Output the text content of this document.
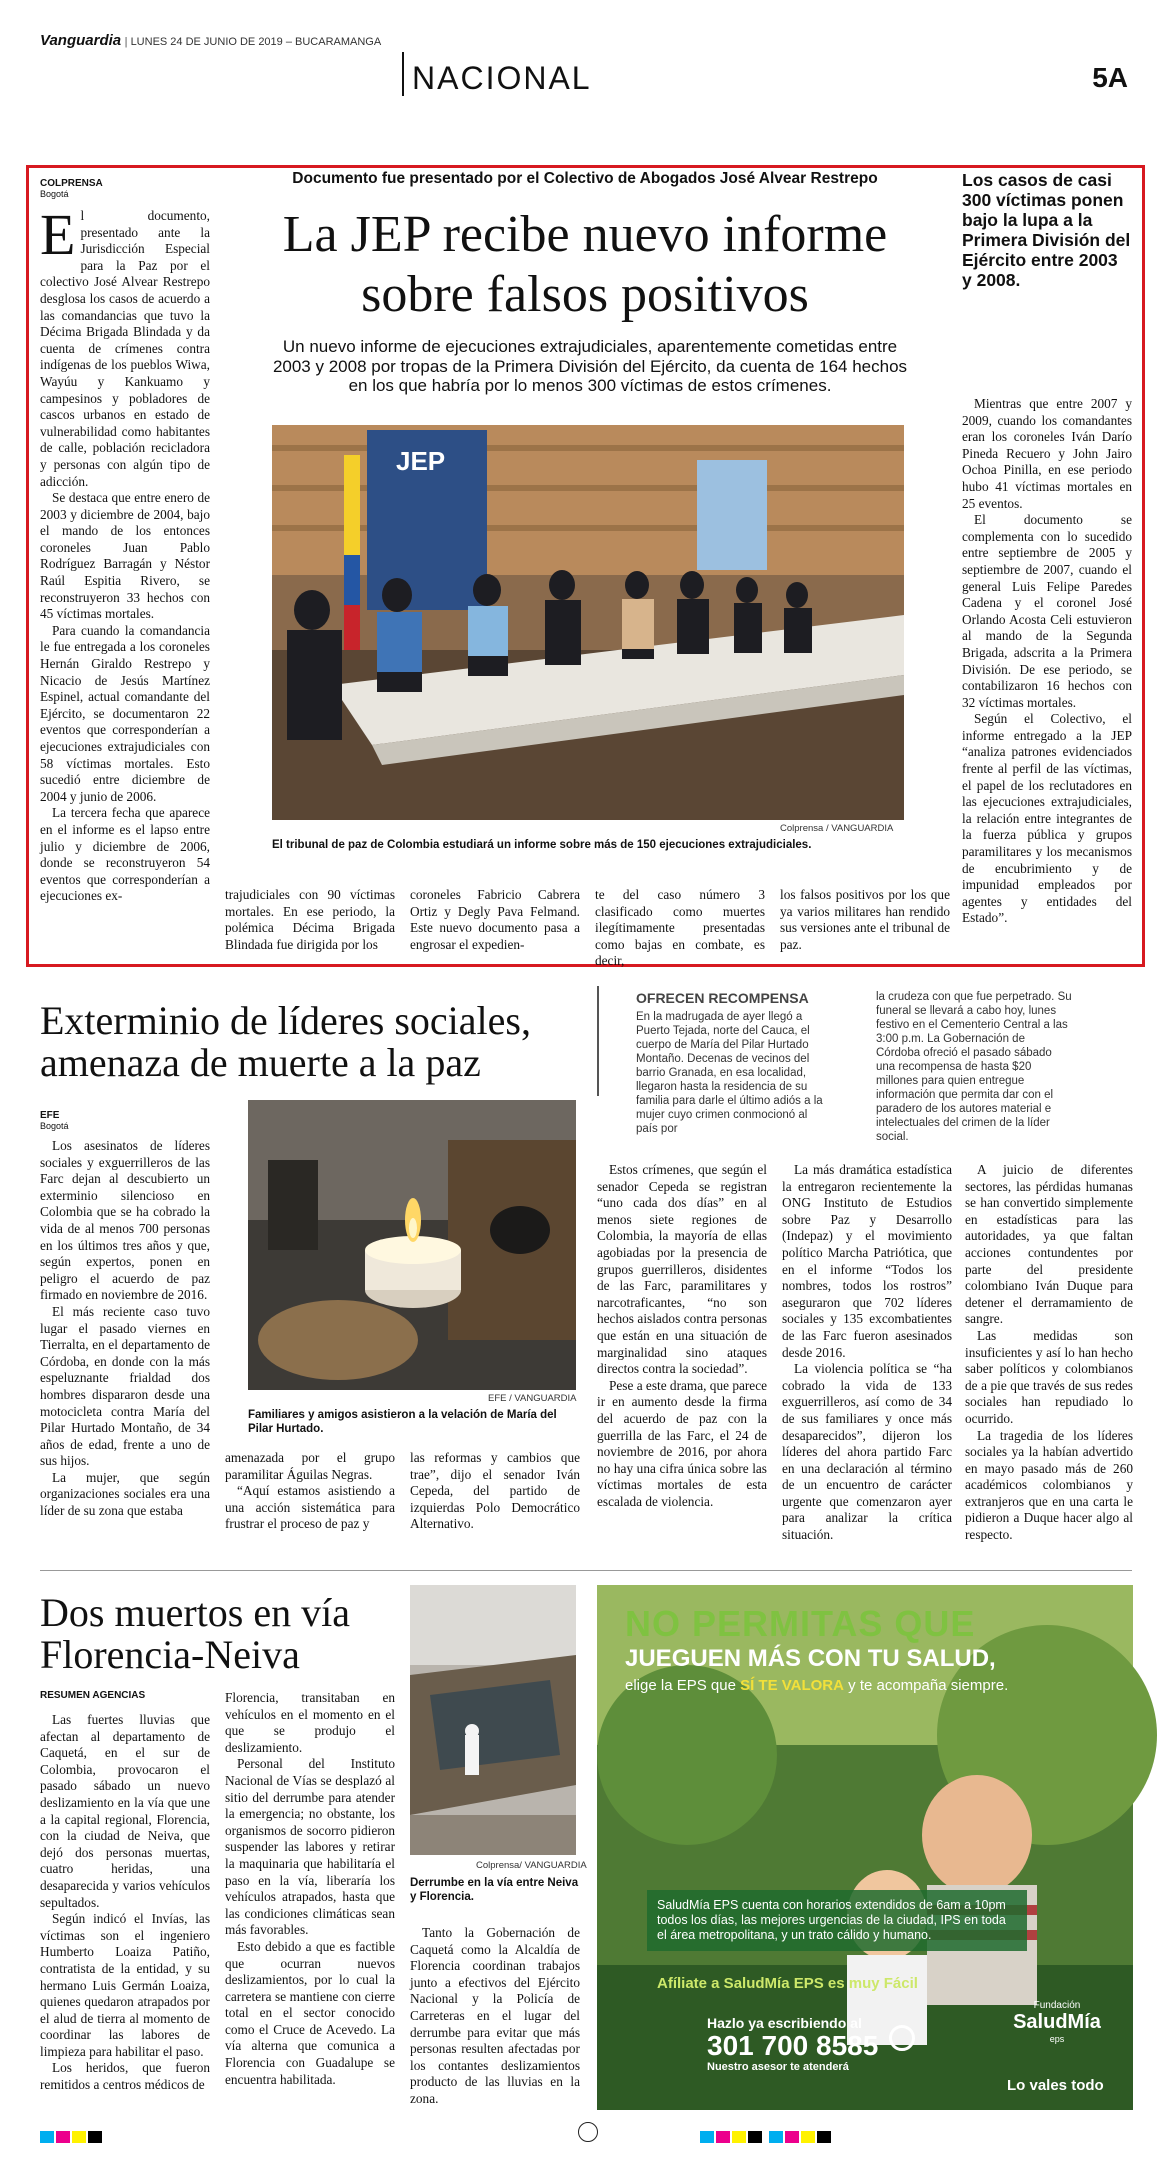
Vanguardia | LUNES 24 DE JUNIO DE 2019 – BUCARAMANGA
NACIONAL	5A
COLPRENSA
Bogotá
Documento fue presentado por el Colectivo de Abogados José Alvear Restrepo
La JEP recibe nuevo informe
sobre falsos positivos
Los casos de casi 300 víctimas ponen bajo la lupa a la Primera División del Ejército entre 2003 y 2008.
Un nuevo informe de ejecuciones extrajudiciales, aparentemente cometidas entre 2003 y 2008 por tropas de la Primera División del Ejército, da cuenta de 164 hechos en los que habría por lo menos 300 víctimas de estos crímenes.

El documento, presentado ante la Jurisdicción Especial para la Paz por el colectivo José Alvear Restrepo desglosa los casos de acuerdo a las comandancias que tuvo la Décima Brigada Blindada y da cuenta de crímenes contra indígenas de los pueblos Wiwa, Wayúu y Kankuamo y campesinos y pobladores de cascos urbanos en estado de vulnerabilidad como habitantes de calle, población recicladora y personas con algún tipo de adicción.

Se destaca que entre enero de 2003 y diciembre de 2004, bajo el mando de los entonces coroneles Juan Pablo Rodríguez Barragán y Néstor Raúl Espitia Rivero, se reconstruyeron 33 hechos con 45 víctimas mortales.

Para cuando la comandancia le fue entregada a los coroneles Hernán Giraldo Restrepo y Nicacio de Jesús Martínez Espinel, actual comandante del Ejército, se documentaron 22 eventos que corresponderían a ejecuciones extrajudiciales con 58 víctimas mortales. Esto sucedió entre diciembre de 2004 y junio de 2006.

La tercera fecha que aparece en el informe es el lapso entre julio y diciembre de 2006, donde se reconstruyeron 54 eventos que corresponderían a ejecuciones ex-

JEP
Colprensa / VANGUARDIA
El tribunal de paz de Colombia estudiará un informe sobre más de 150 ejecuciones extrajudiciales.
trajudiciales con 90 víctimas mortales. En ese periodo, la polémica Décima Brigada Blindada fue dirigida por los
coroneles Fabricio Cabrera Ortiz y Degly Pava Felmand. Este nuevo documento pasa a engrosar el expedien-
te del caso número 3 clasificado como muertes ilegítimamente presentadas como bajas en combate, es decir,
los falsos positivos por los que ya varios militares han rendido sus versiones ante el tribunal de paz.

Mientras que entre 2007 y 2009, cuando los comandantes eran los coroneles Iván Darío Pineda Recuero y John Jairo Ochoa Pinilla, en ese periodo hubo 41 víctimas mortales en 25 eventos.

El documento se complementa con lo sucedido entre septiembre de 2005 y septiembre de 2007, cuando el general Luis Felipe Paredes Cadena y el coronel José Orlando Acosta Celi estuvieron al mando de la Segunda Brigada, adscrita a la Primera División. De ese periodo, se contabilizaron 16 hechos con 32 víctimas mortales.

Según el Colectivo, el informe entregado a la JEP “analiza patrones evidenciados frente al perfil de las víctimas, el papel de los reclutadores en las ejecuciones extrajudiciales, la relación entre integrantes de la fuerza pública y grupos paramilitares y los mecanismos de encubrimiento y de impunidad empleados por agentes y entidades del Estado”.

Exterminio de líderes sociales,
amenaza de muerte a la paz
EFE
Bogotá

Los asesinatos de líderes sociales y exguerrilleros de las Farc dejan al descubierto un exterminio silencioso en Colombia que se ha cobrado la vida de al menos 700 personas en los últimos tres años y que, según expertos, ponen en peligro el acuerdo de paz firmado en noviembre de 2016.

El más reciente caso tuvo lugar el pasado viernes en Tierralta, en el departamento de Córdoba, en donde con la más espeluznante frialdad dos hombres dispararon desde una motocicleta contra María del Pilar Hurtado Montaño, de 34 años de edad, frente a uno de sus hijos.

La mujer, que según organizaciones sociales era una líder de su zona que estaba

EFE / VANGUARDIA
Familiares y amigos asistieron a la velación de María del Pilar Hurtado.

amenazada por el grupo paramilitar Águilas Negras.

“Aquí estamos asistiendo a una acción sistemática para frustrar el proceso de paz y

las reformas y cambios que trae”, dijo el senador Iván Cepeda, del partido de izquierdas Polo Democrático Alternativo.

OFRECEN RECOMPENSA
En la madrugada de ayer llegó a Puerto Tejada, norte del Cauca, el cuerpo de María del Pilar Hurtado Montaño. Decenas de vecinos del barrio Granada, en esa localidad, llegaron hasta la residencia de su familia para darle el último adiós a la mujer cuyo crimen conmocionó al país por
la crudeza con que fue perpetrado. Su funeral se llevará a cabo hoy, lunes festivo en el Cementerio Central a las 3:00 p.m. La Gobernación de Córdoba ofreció el pasado sábado una recompensa de hasta $20 millones para quien entregue información que permita dar con el paradero de los autores material e intelectuales del crimen de la líder social.

Estos crímenes, que según el senador Cepeda se registran “uno cada dos días” en al menos siete regiones de Colombia, la mayoría de ellas agobiadas por la presencia de grupos guerrilleros, disidentes de las Farc, paramilitares y narcotraficantes, “no son hechos aislados contra personas que están en una situación de marginalidad sino ataques directos contra la sociedad”.

Pese a este drama, que parece ir en aumento desde la firma del acuerdo de paz con la guerrilla de las Farc, el 24 de noviembre de 2016, por ahora no hay una cifra única sobre las víctimas mortales de esta escalada de violencia.

La más dramática estadística la entregaron recientemente la ONG Instituto de Estudios sobre Paz y Desarrollo (Indepaz) y el movimiento político Marcha Patriótica, que en el informe “Todos los nombres, todos los rostros” aseguraron que 702 líderes sociales y 135 excombatientes de las Farc fueron asesinados desde 2016.

La violencia política se “ha cobrado la vida de 133 exguerrilleros, así como de 34 de sus familiares y once más desaparecidos”, dijeron los líderes del ahora partido Farc en una declaración al término de un encuentro de carácter urgente que comenzaron ayer para analizar la crítica situación.

A juicio de diferentes sectores, las pérdidas humanas se han convertido simplemente en estadísticas para las autoridades, ya que faltan acciones contundentes por parte del presidente colombiano Iván Duque para detener el derramamiento de sangre.

Las medidas son insuficientes y así lo han hecho saber políticos y colombianos de a pie que través de sus redes sociales han repudiado lo ocurrido.

La tragedia de los líderes sociales ya la habían advertido en mayo pasado más de 260 académicos colombianos y extranjeros que en una carta le pidieron a Duque hacer algo al respecto.

Dos muertos en vía
Florencia-Neiva
RESUMEN AGENCIAS

Las fuertes lluvias que afectan al departamento de Caquetá, en el sur de Colombia, provocaron el pasado sábado un nuevo deslizamiento en la vía que une a la capital regional, Florencia, con la ciudad de Neiva, que dejó dos personas muertas, cuatro heridas, una desaparecida y varios vehículos sepultados.

Según indicó el Invías, las víctimas son el ingeniero Humberto Loaiza Patiño, contratista de la entidad, y su hermano Luis Germán Loaiza, quienes quedaron atrapados por el alud de tierra al momento de coordinar las labores de limpieza para habilitar el paso.

Los heridos, que fueron remitidos a centros médicos de

Florencia, transitaban en vehículos en el momento en el que se produjo el deslizamiento.

Personal del Instituto Nacional de Vías se desplazó al sitio del derrumbe para atender la emergencia; no obstante, los organismos de socorro pidieron suspender las labores y retirar la maquinaria que habilitaría el paso en la vía, liberaría los vehículos atrapados, hasta que las condiciones climáticas sean más favorables.

Esto debido a que es factible que ocurran nuevos deslizamientos, por lo cual la carretera se mantiene con cierre total en el sector conocido como el Cruce de Acevedo. La vía alterna que comunica a Florencia con Guadalupe se encuentra habilitada.

Colprensa/ VANGUARDIA
Derrumbe en la vía entre Neiva y Florencia.

Tanto la Gobernación de Caquetá como la Alcaldía de Florencia coordinan trabajos junto a efectivos del Ejército Nacional y la Policía de Carreteras en el lugar del derrumbe para evitar que más personas resulten afectadas por los contantes deslizamientos producto de las lluvias en la zona.

NO PERMITAS QUE
JUEGUEN MÁS CON TU SALUD,
elige la EPS que SÍ TE VALORA y te acompaña siempre.
SaludMía EPS cuenta con horarios extendidos de 6am a 10pm todos los días, las mejores urgencias de la ciudad, IPS en toda el área metropolitana, y un trato cálido y humano.
Afíliate a SaludMía EPS es muy Fácil
Hazlo ya escribiendo al
301 700 8585
Nuestro asesor te atenderá
Fundación
SaludMía
eps
Lo vales todo
